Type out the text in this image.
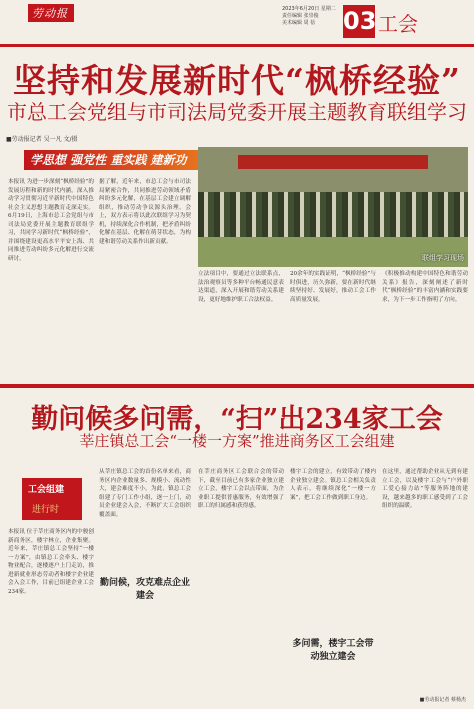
劳动报	2023年6月20日 星期二
责任编辑 张崇俊
美术编辑 周 蓓	03 工会
坚持和发展新时代“枫桥经验”
市总工会党组与市司法局党委开展主题教育联组学习
■劳动报记者 吴一凡 文/摄
学思想 强党性 重实践 建新功
联组学习现场
本报讯 为进一步深刻“枫桥经验”的发展历程和新的时代内涵，深入推动学习贯彻习近平新时代中国特色社会主义思想主题教育走深走实。6月19日，上海市总工会党组与市司法局党委开展主题教育联组学习，共同学习新时代“枫桥经验”，并围绕建设更高水平平安上海、共同推进劳动纠纷多元化解进行交流研讨。
据了解，近年来，市总工会与市司法局紧密合作，共同推进劳动领域矛盾纠纷多元化解，在基层工会建立调解组织，推动劳动争议源头治理。会上，双方表示将以此次联组学习为契机，持续深化合作机制，把矛盾纠纷化解在基层、化解在萌芽状态，为构建和谐劳动关系作出新贡献。
立法项目中，要通过立法联系点，法治观察员等多种平台畅通民意表达渠道，深入开展和谐劳动关系建设，更好地维护职工合法权益。
20余年的实践证明，“枫桥经验”与时俱进，历久弥新，要在新时代继续坚持好、发展好，推动工会工作高质量发展。
《积极推动构建中国特色和谐劳动关系》报告，深刻阐述了新时代“枫桥经验”的丰富内涵和实践要求，为下一步工作指明了方向。
勤问候多问需，“扫”出234家工会
莘庄镇总工会“一楼一方案”推进商务区工会组建
工会组建
进行时
本报讯 位于莘庄商务区内的中骏创新商务区，楼宇林立，企业集聚。近年来，莘庄镇总工会坚持“一楼一方案”，由镇总工会牵头、楼宇物业配合，逐楼逐户上门走访，推进新就业形态劳动者和楼宇企业建会入会工作，目前已组建企业工会234家。
勤问候，攻克难点企业建会
从莘庄镇总工会的首份名单来看，商务区内企业数量多、规模小、流动性大，建会难度不小。为此，镇总工会组建了专门工作小组，逐一上门，动员企业建会入会，不断扩大工会组织覆盖面。
在莘庄商务区工会联合会的带动下，截至目前已有多家企业独立建立工会，楼宇工会以点带面，为企业职工提供普惠服务，有效增强了职工的归属感和获得感。
多问需，楼宇工会带动独立建会
楼宇工会的建立，有效带动了楼内企业独立建会。镇总工会相关负责人表示，将继续深化“一楼一方案”，把工会工作做到职工身边。
在这里，通过帮助企业从无到有建立工会，以及楼宇工会与“户外职工爱心接力站”等服务阵地的建设，越来越多的职工感受到了工会组织的温暖。
■劳动报记者 蔡杨杰
